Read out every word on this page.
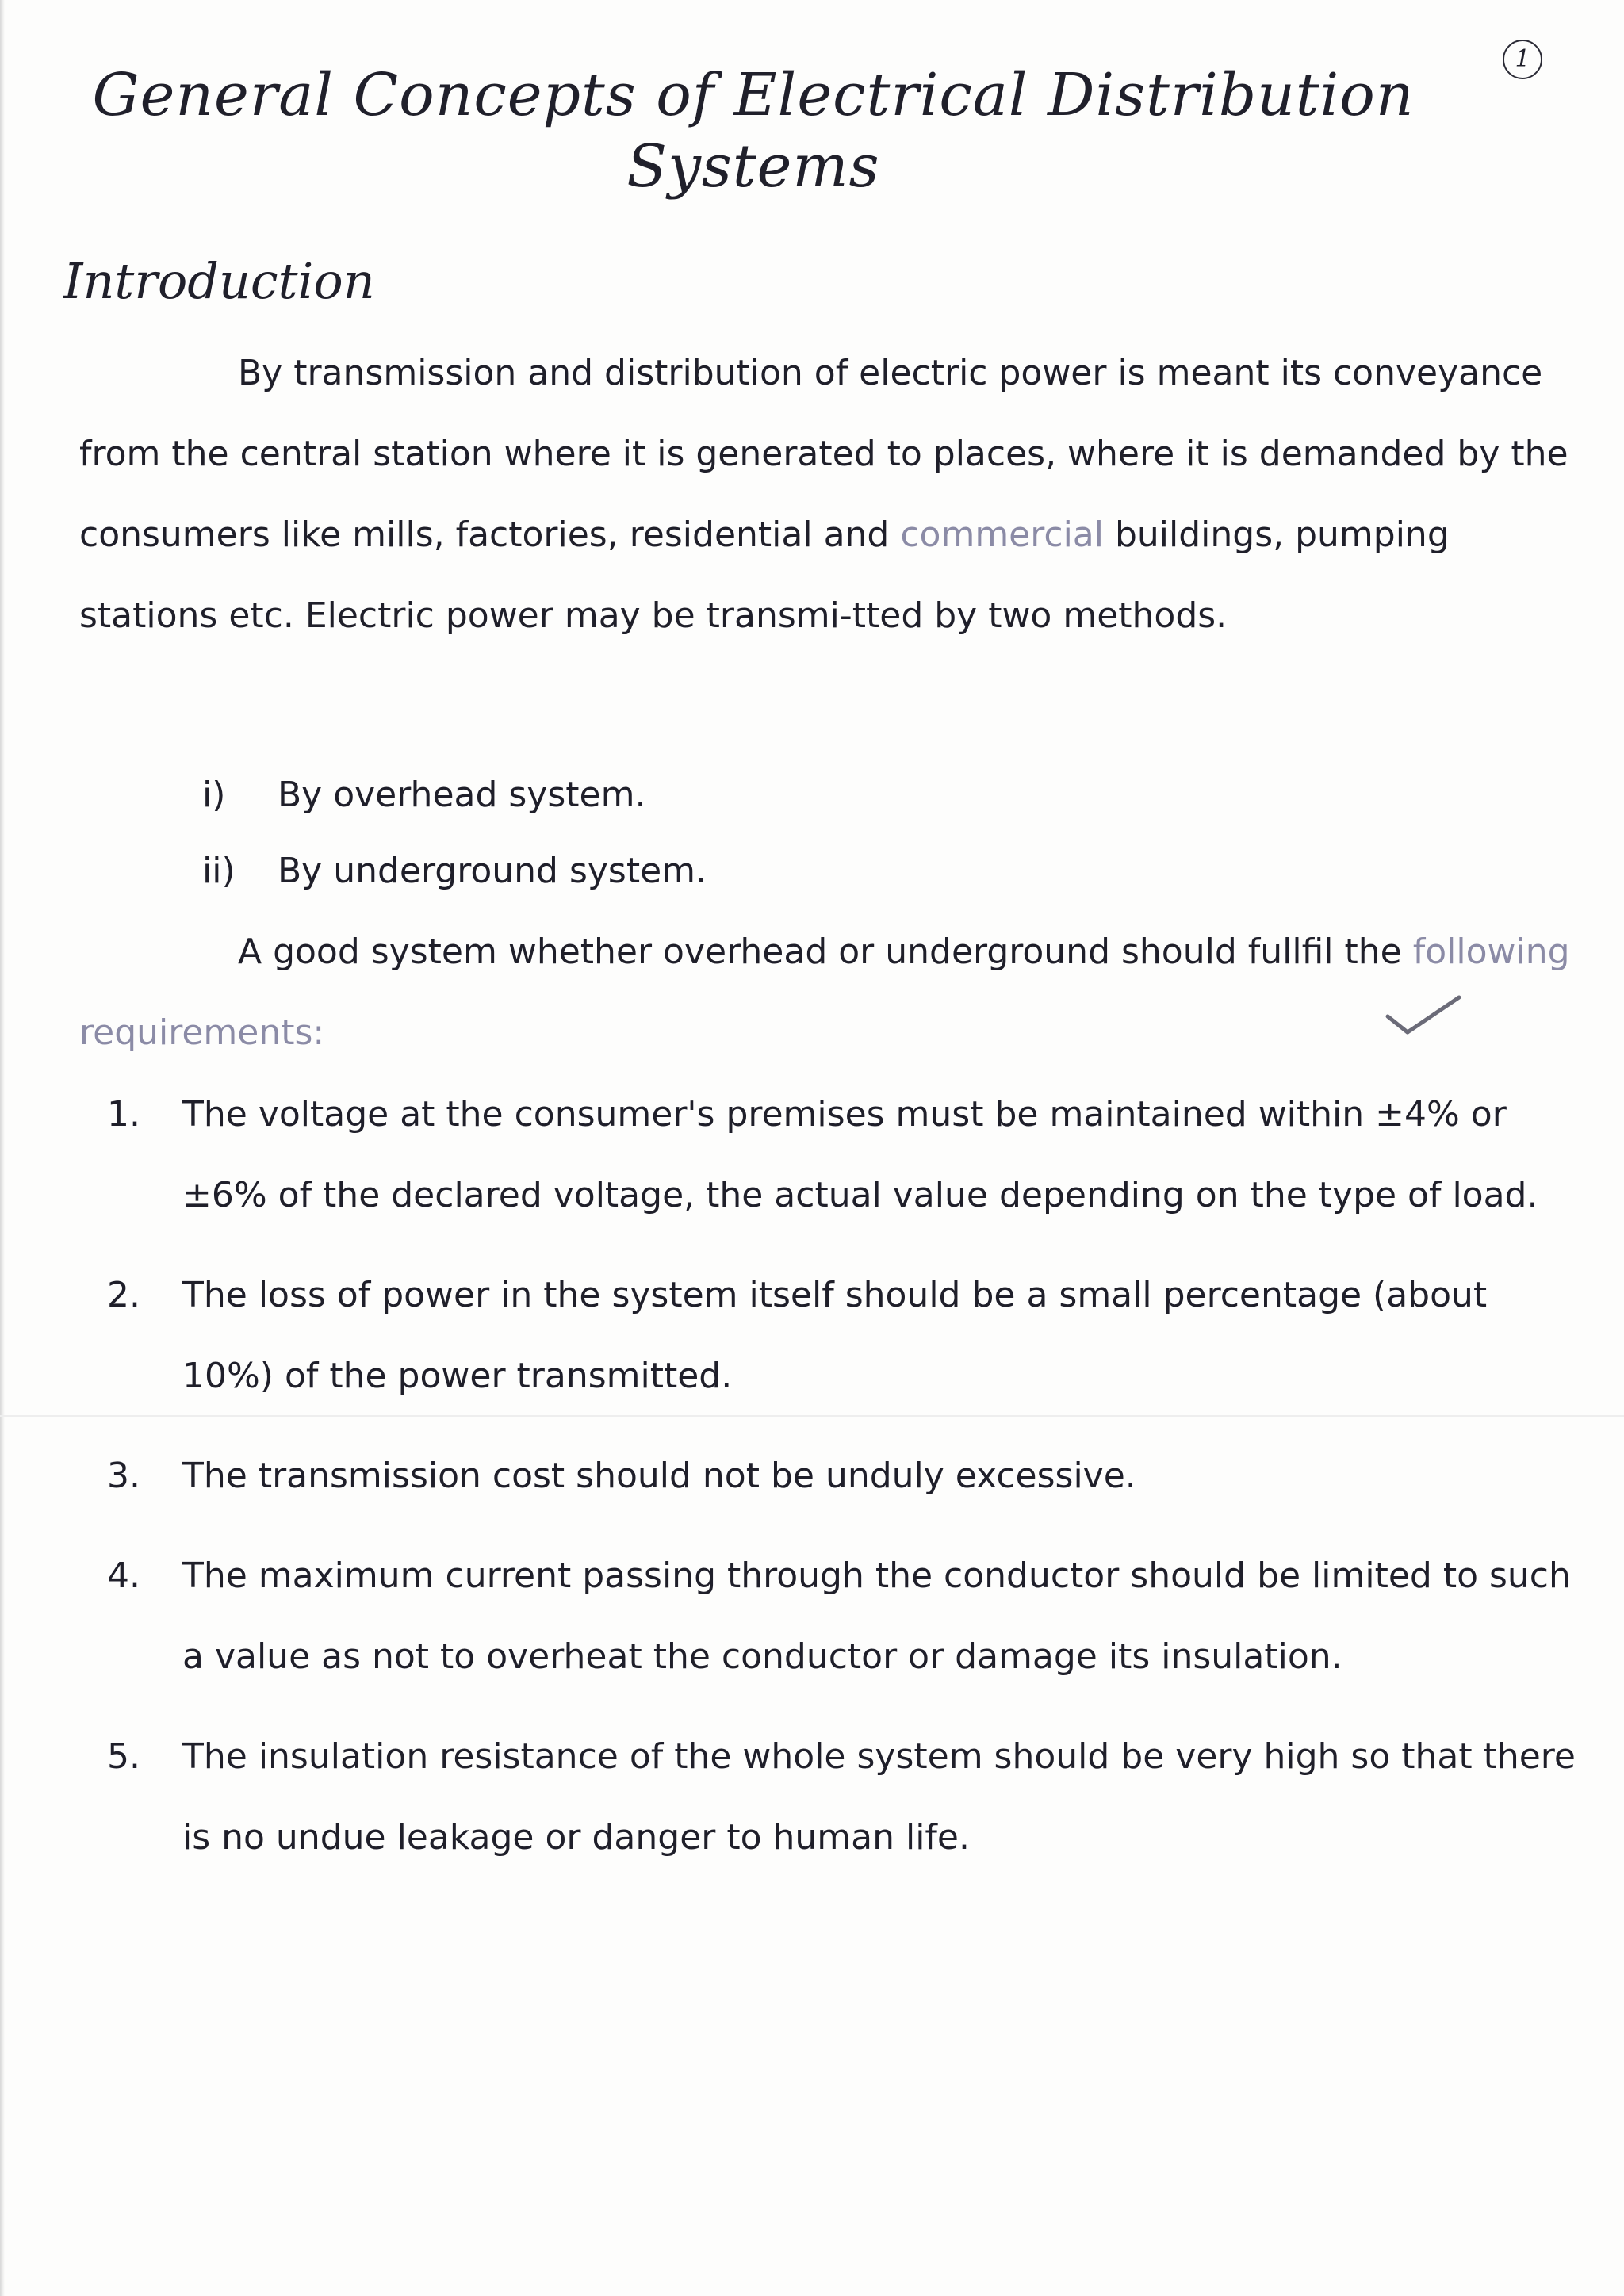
1
General Concepts of Electrical Distribution
Systems
Introduction

By transmission and distribution of electric power is meant its conveyance from the central station where it is generated to places, where it is demanded by the consumers like mills, factories, residential and commercial buildings, pumping stations etc. Electric power may be transmi-tted by two methods.

i) By overhead system.
ii) By underground system.

A good system whether overhead or underground should fullfil the following requirements:

1.	The voltage at the consumer's premises must be maintained within ±4% or ±6% of the declared voltage, the actual value depending on the type of load.
2.	The loss of power in the system itself should be a small percentage (about 10%) of the power transmitted.
3.	The transmission cost should not be unduly excessive.
4.	The maximum current passing through the conductor should be limited to such a value as not to overheat the conductor or damage its insulation.
5.	The insulation resistance of the whole system should be very high so that there is no undue leakage or danger to human life.
